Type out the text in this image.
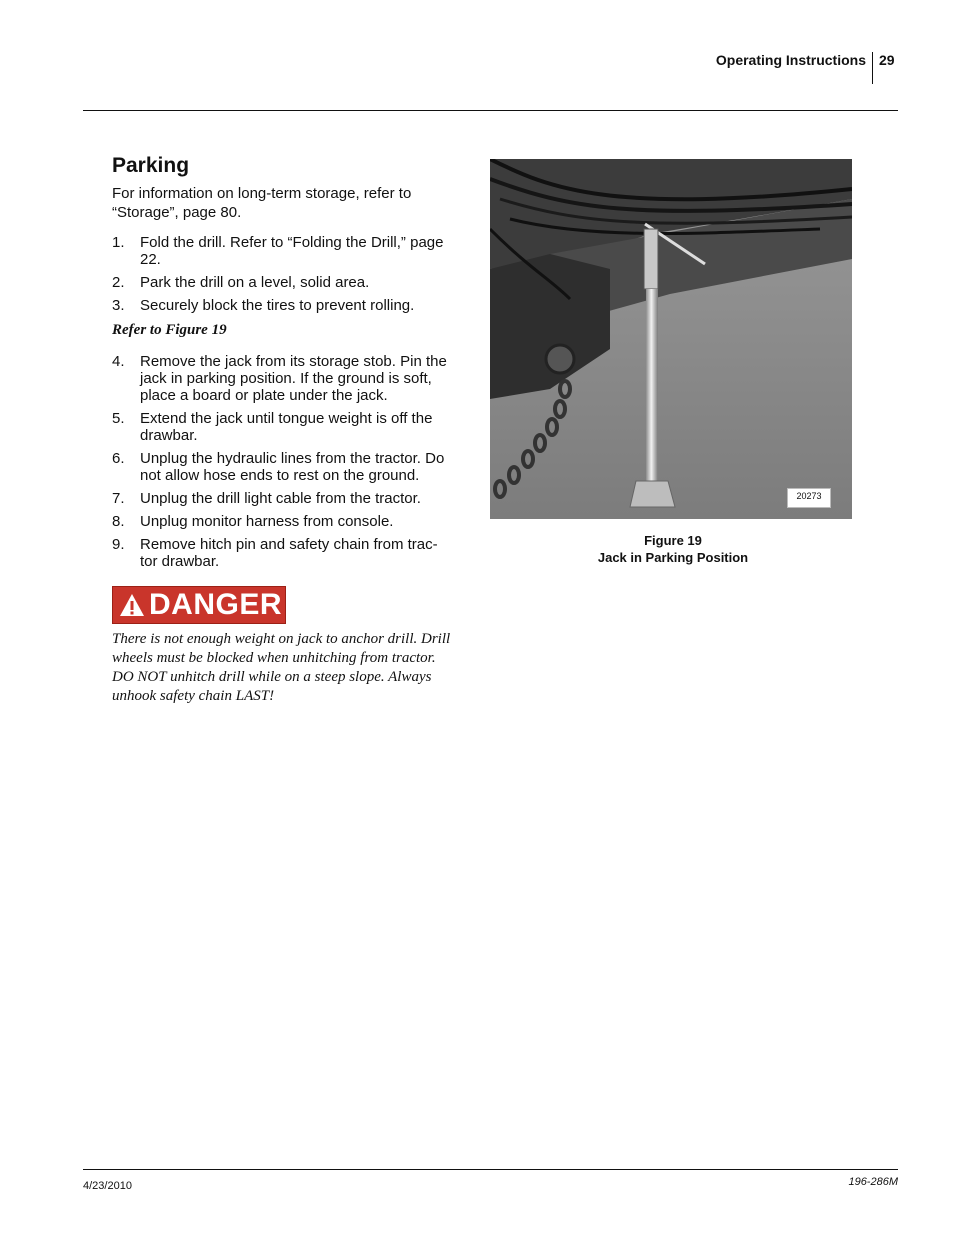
Operating Instructions 29
Parking

For information on long-term storage, refer to “Storage”, page 80.

1. Fold the drill. Refer to “Folding the Drill,” page 22.
2. Park the drill on a level, solid area.
3. Securely block the tires to prevent rolling.
Refer to Figure 19
4. Remove the jack from its storage stob. Pin the jack in parking position. If the ground is soft, place a board or plate under the jack.
5. Extend the jack until tongue weight is off the drawbar.
6. Unplug the hydraulic lines from the tractor. Do not allow hose ends to rest on the ground.
7. Unplug the drill light cable from the tractor.
8. Unplug monitor harness from console.
9. Remove hitch pin and safety chain from trac-tor drawbar.
DANGER
There is not enough weight on jack to anchor drill. Drill wheels must be blocked when unhitching from tractor. DO NOT unhitch drill while on a steep slope. Always unhook safety chain LAST!
20273
Figure 19
Jack in Parking Position
4/23/2010	196-286M
